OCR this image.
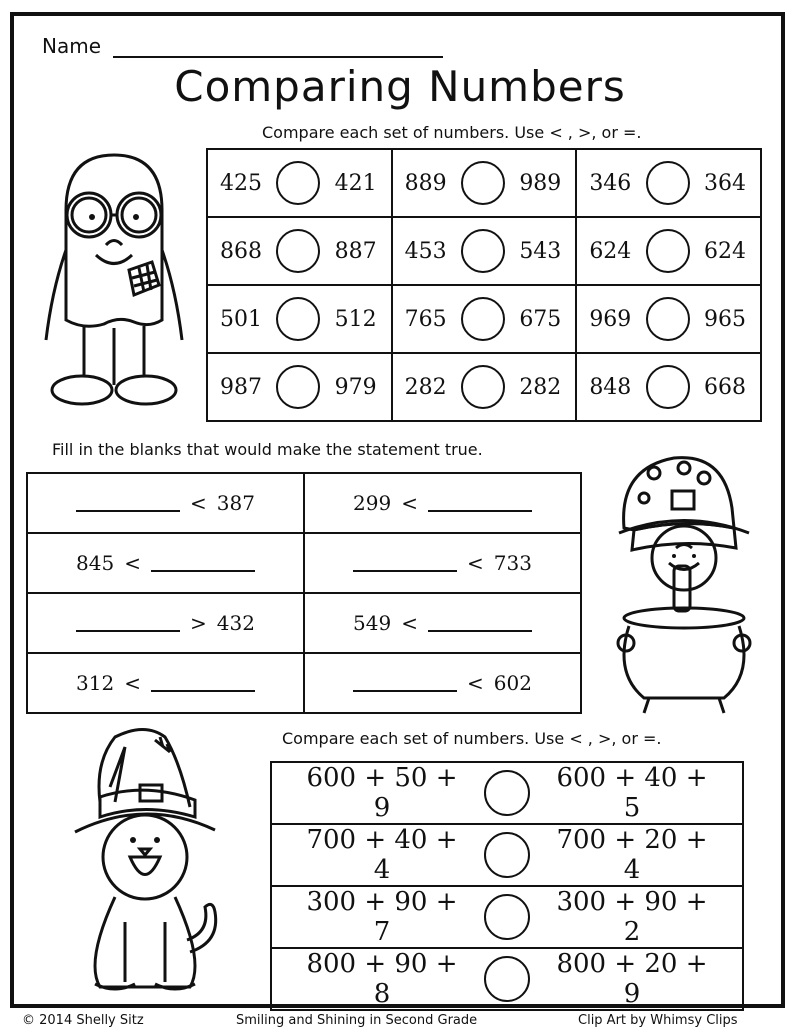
Name
Comparing Numbers
Compare each set of numbers. Use < , >, or =.
425 421	889 989	346 364

868 887	453 543	624 624

501 512	765 675	969 965

987 979	282 282	848 668
Fill in the blanks that would make the statement true.
< 387	299 <

845 <	< 733

> 432	549 <

312 <	< 602
Compare each set of numbers. Use < , >, or =.
600 + 50 + 9
600 + 40 + 5

700 + 40 + 4
700 + 20 + 4

300 + 90 + 7
300 + 90 + 2

800 + 90 + 8
800 + 20 + 9
© 2014 Shelly Sitz	Smiling and Shining in Second Grade	Clip Art by Whimsy Clips
